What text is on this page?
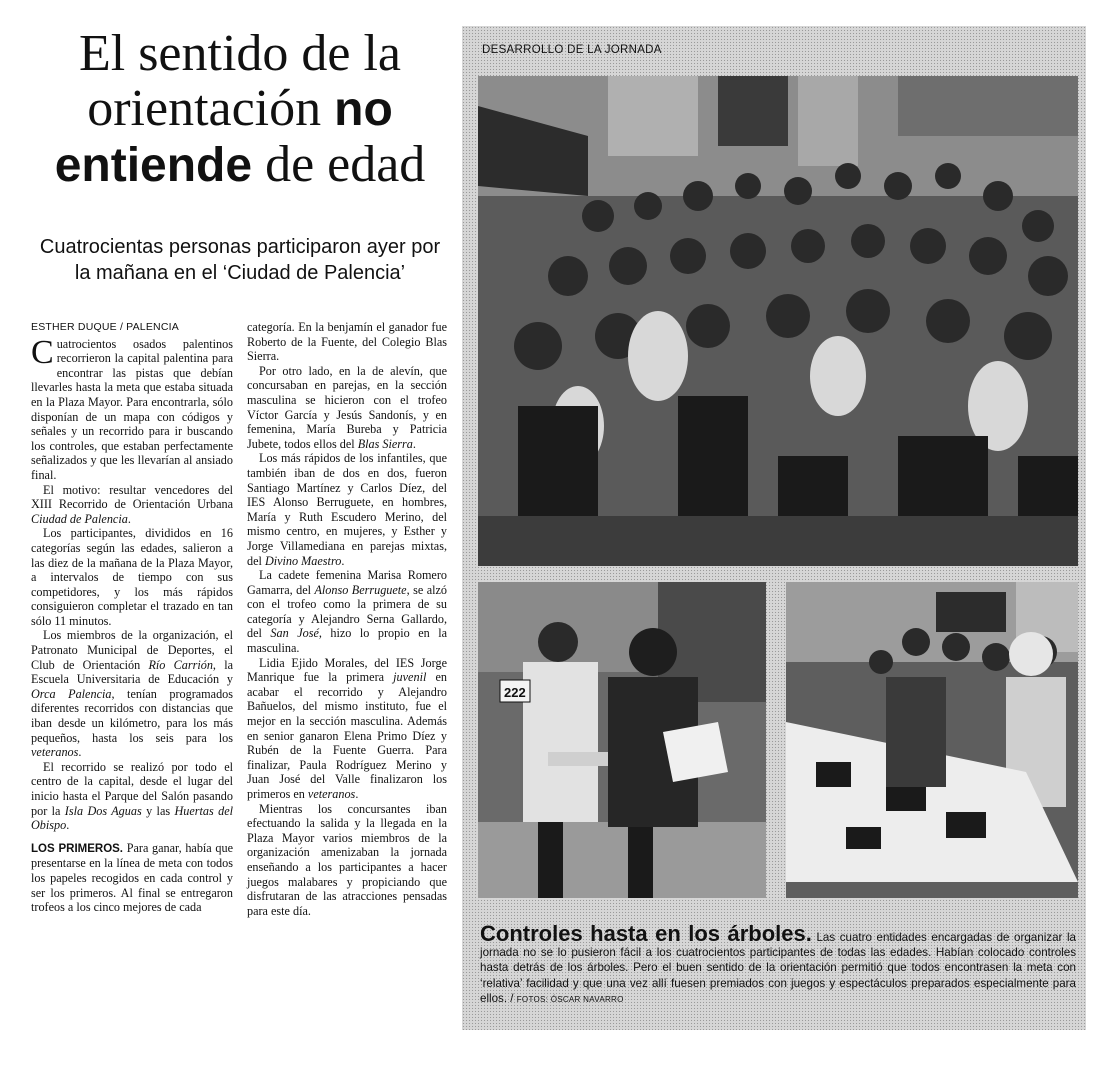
El sentido de la
orientación no
entiende de edad

Cuatrocientas personas participaron ayer por la mañana en el ‘Ciudad de Palencia’

ESTHER DUQUE / PALENCIA

Cuatrocientos osados palentinos recorrieron la capital palentina para encontrar las pistas que debían llevarles hasta la meta que estaba situada en la Plaza Mayor. Para encontrarla, sólo disponían de un mapa con códigos y señales y un recorrido para ir buscando los controles, que estaban perfectamente señalizados y que les llevarían al ansiado final.

El motivo: resultar vencedores del XIII Recorrido de Orientación Urbana Ciudad de Palencia.

Los participantes, divididos en 16 categorías según las edades, salieron a las diez de la mañana de la Plaza Mayor, a intervalos de tiempo con sus competidores, y los más rápidos consiguieron completar el trazado en tan sólo 11 minutos.

Los miembros de la organización, el Patronato Municipal de Deportes, el Club de Orientación Río Carrión, la Escuela Universitaria de Educación y Orca Palencia, tenían programados diferentes recorridos con distancias que iban desde un kilómetro, para los más pequeños, hasta los seis para los veteranos.

El recorrido se realizó por todo el centro de la capital, desde el lugar del inicio hasta el Parque del Salón pasando por la Isla Dos Aguas y las Huertas del Obispo.

LOS PRIMEROS. Para ganar, había que presentarse en la línea de meta con todos los papeles recogidos en cada control y ser los primeros. Al final se entregaron trofeos a los cinco mejores de cada

categoría. En la benjamín el ganador fue Roberto de la Fuente, del Colegio Blas Sierra.

Por otro lado, en la de alevín, que concursaban en parejas, en la sección masculina se hicieron con el trofeo Víctor García y Jesús Sandonís, y en femenina, María Bureba y Patricia Jubete, todos ellos del Blas Sierra.

Los más rápidos de los infantiles, que también iban de dos en dos, fueron Santiago Martínez y Carlos Díez, del IES Alonso Berruguete, en hombres, María y Ruth Escudero Merino, del mismo centro, en mujeres, y Esther y Jorge Villamediana en parejas mixtas, del Divino Maestro.

La cadete femenina Marisa Romero Gamarra, del Alonso Berruguete, se alzó con el trofeo como la primera de su categoría y Alejandro Serna Gallardo, del San José, hizo lo propio en la masculina.

Lidia Ejido Morales, del IES Jorge Manrique fue la primera juvenil en acabar el recorrido y Alejandro Bañuelos, del mismo instituto, fue el mejor en la sección masculina. Además en senior ganaron Elena Primo Díez y Rubén de la Fuente Guerra. Para finalizar, Paula Rodríguez Merino y Juan José del Valle finalizaron los primeros en veteranos.

Mientras los concursantes iban efectuando la salida y la llegada en la Plaza Mayor varios miembros de la organización amenizaban la jornada enseñando a los participantes a hacer juegos malabares y propiciando que disfrutaran de las atracciones pensadas para este día.

DESARROLLO DE LA JORNADA
222
Controles hasta en los árboles. Las cuatro entidades encargadas de organizar la jornada no se lo pusieron fácil a los cuatrocientos participantes de todas las edades. Habían colocado controles hasta detrás de los árboles. Pero el buen sentido de la orientación permitió que todos encontrasen la meta con ‘relativa’ facilidad y que una vez allí fuesen premiados con juegos y espectáculos preparados especialmente para ellos. / FOTOS: ÓSCAR NAVARRO
